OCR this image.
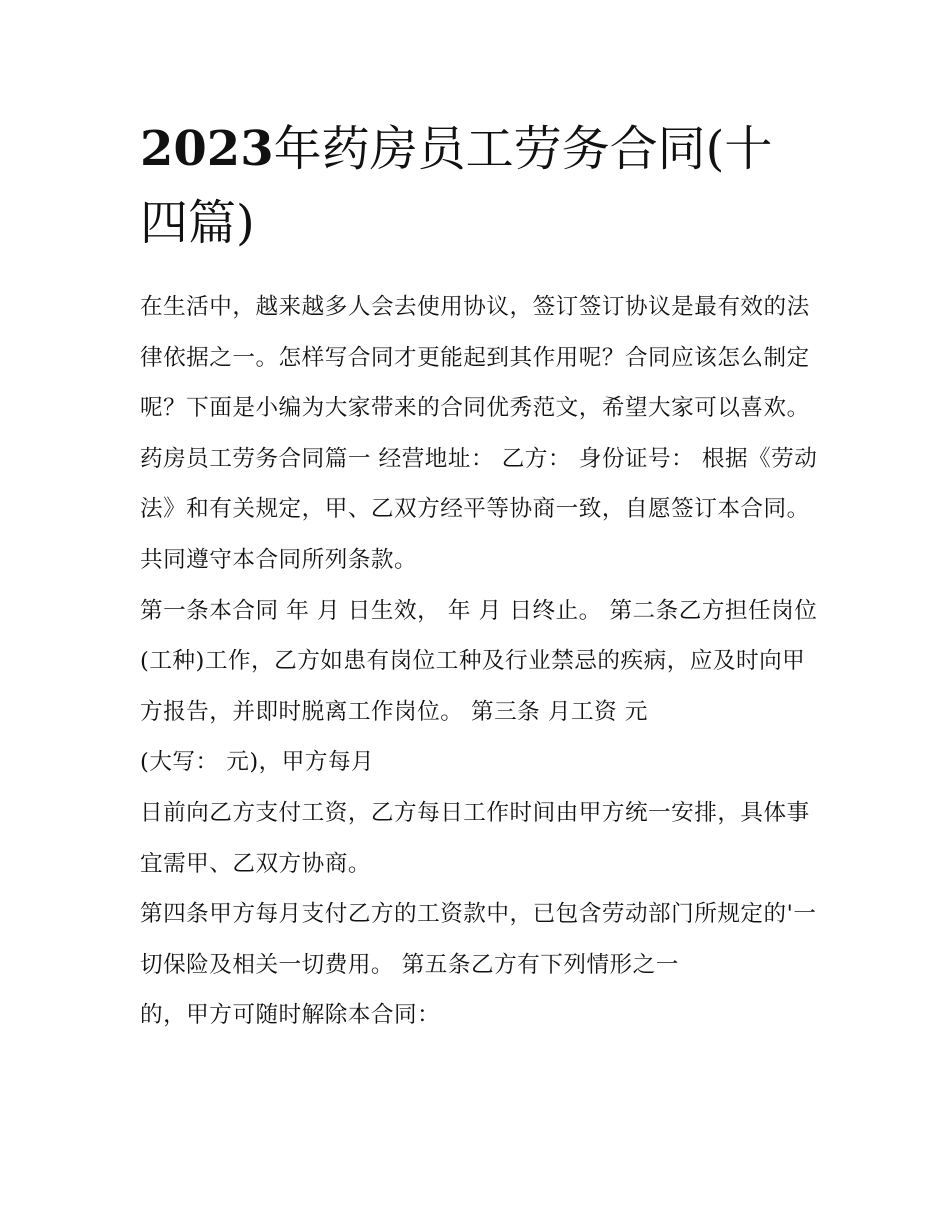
2023年药房员工劳务合同(十四篇)

在生活中，越来越多人会去使用协议，签订签订协议是最有效的法律依据之一。怎样写合同才更能起到其作用呢？合同应该怎么制定呢？下面是小编为大家带来的合同优秀范文，希望大家可以喜欢。

药房员工劳务合同篇一 经营地址： 乙方： 身份证号： 根据《劳动法》和有关规定，甲、乙双方经平等协商一致，自愿签订本合同。共同遵守本合同所列条款。

第一条本合同 年 月 日生效， 年 月 日终止。 第二条乙方担任岗位(工种)工作，乙方如患有岗位工种及行业禁忌的疾病，应及时向甲方报告，并即时脱离工作岗位。 第三条 月工资 元

(大写： 元)，甲方每月

日前向乙方支付工资，乙方每日工作时间由甲方统一安排，具体事宜需甲、乙双方协商。

第四条甲方每月支付乙方的工资款中，已包含劳动部门所规定的'一切保险及相关一切费用。 第五条乙方有下列情形之一

的，甲方可随时解除本合同：
